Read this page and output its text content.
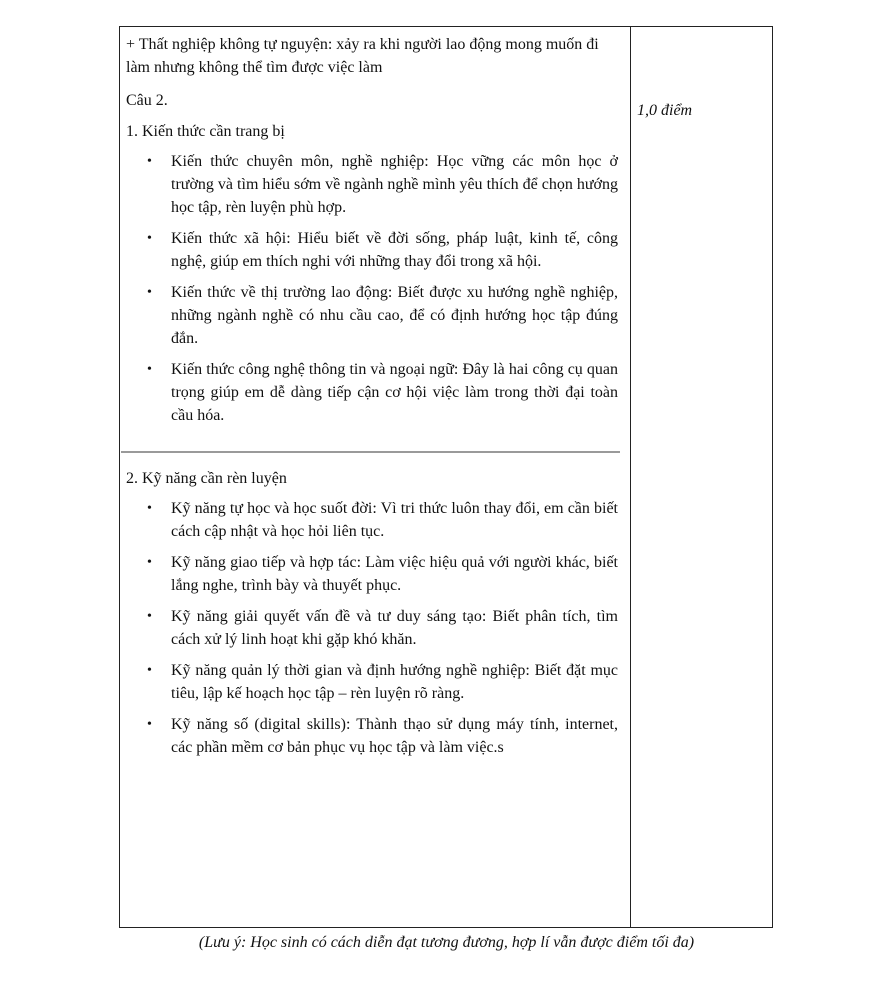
+ Thất nghiệp không tự nguyện: xảy ra khi người lao động mong muốn đi làm nhưng không thể tìm được việc làm

Câu 2.

1. Kiến thức cần trang bị

• Kiến thức chuyên môn, nghề nghiệp: Học vững các môn học ở trường và tìm hiểu sớm về ngành nghề mình yêu thích để chọn hướng học tập, rèn luyện phù hợp.
• Kiến thức xã hội: Hiểu biết về đời sống, pháp luật, kinh tế, công nghệ, giúp em thích nghi với những thay đổi trong xã hội.
• Kiến thức về thị trường lao động: Biết được xu hướng nghề nghiệp, những ngành nghề có nhu cầu cao, để có định hướng học tập đúng đắn.
• Kiến thức công nghệ thông tin và ngoại ngữ: Đây là hai công cụ quan trọng giúp em dễ dàng tiếp cận cơ hội việc làm trong thời đại toàn cầu hóa.

2. Kỹ năng cần rèn luyện

• Kỹ năng tự học và học suốt đời: Vì tri thức luôn thay đổi, em cần biết cách cập nhật và học hỏi liên tục.
• Kỹ năng giao tiếp và hợp tác: Làm việc hiệu quả với người khác, biết lắng nghe, trình bày và thuyết phục.
• Kỹ năng giải quyết vấn đề và tư duy sáng tạo: Biết phân tích, tìm cách xử lý linh hoạt khi gặp khó khăn.
• Kỹ năng quản lý thời gian và định hướng nghề nghiệp: Biết đặt mục tiêu, lập kế hoạch học tập – rèn luyện rõ ràng.
• Kỹ năng số (digital skills): Thành thạo sử dụng máy tính, internet, các phần mềm cơ bản phục vụ học tập và làm việc.s

1,0 điểm

(Lưu ý: Học sinh có cách diễn đạt tương đương, hợp lí vẫn được điểm tối đa)
